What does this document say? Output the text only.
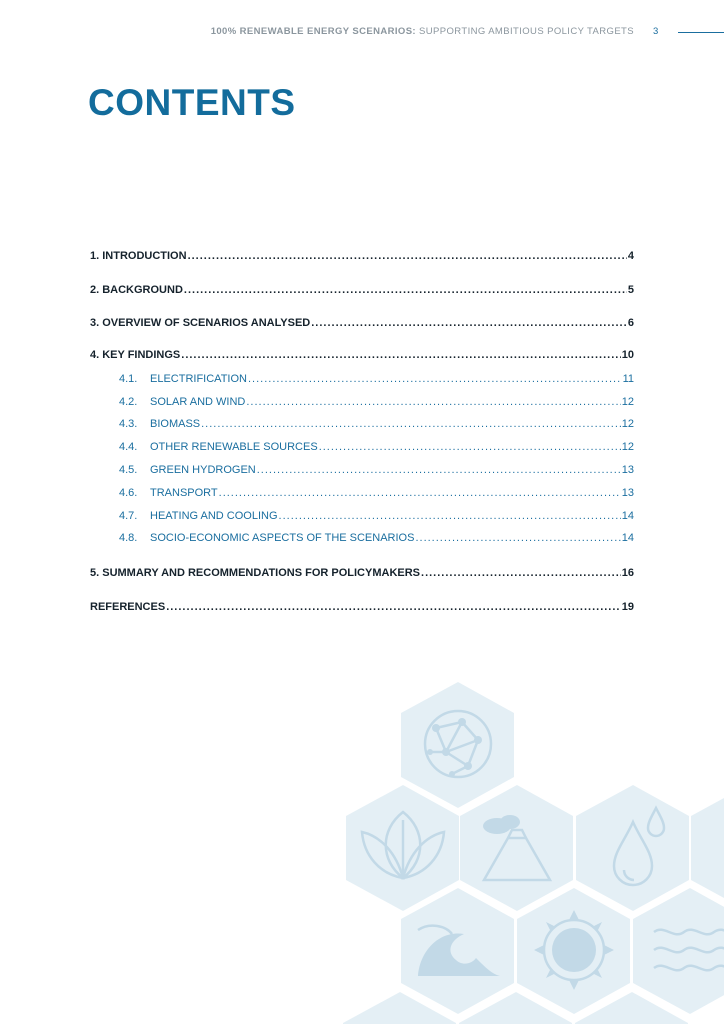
100% RENEWABLE ENERGY SCENARIOS: SUPPORTING AMBITIOUS POLICY TARGETS 3
CONTENTS
1. INTRODUCTION .....	4
2. BACKGROUND .....	5
3. OVERVIEW OF SCENARIOS ANALYSED .....	6
4. KEY FINDINGS .....	10
4.1.	ELECTRIFICATION .....	11
4.2.	SOLAR AND WIND .....	12
4.3.	BIOMASS .....	12
4.4.	OTHER RENEWABLE SOURCES .....	12
4.5.	GREEN HYDROGEN .....	13
4.6.	TRANSPORT .....	13
4.7.	HEATING AND COOLING .....	14
4.8.	SOCIO-ECONOMIC ASPECTS OF THE SCENARIOS .....	14
5. SUMMARY AND RECOMMENDATIONS FOR POLICYMAKERS .....	16
REFERENCES .....	19
